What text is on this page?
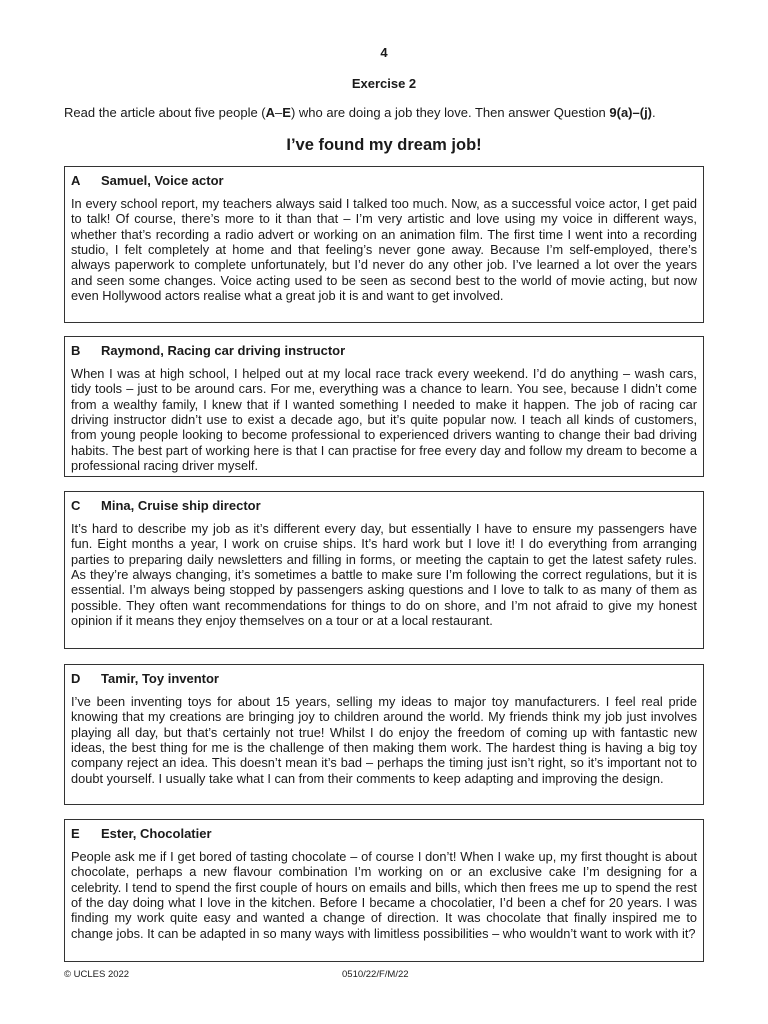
4
Exercise 2
Read the article about five people (A–E) who are doing a job they love. Then answer Question 9(a)–(j).
I’ve found my dream job!
A Samuel, Voice actor
In every school report, my teachers always said I talked too much. Now, as a successful voice actor, I get paid to talk! Of course, there’s more to it than that – I’m very artistic and love using my voice in different ways, whether that’s recording a radio advert or working on an animation film. The first time I went into a recording studio, I felt completely at home and that feeling’s never gone away. Because I’m self-employed, there’s always paperwork to complete unfortunately, but I’d never do any other job. I’ve learned a lot over the years and seen some changes. Voice acting used to be seen as second best to the world of movie acting, but now even Hollywood actors realise what a great job it is and want to get involved.
B Raymond, Racing car driving instructor
When I was at high school, I helped out at my local race track every weekend. I’d do anything – wash cars, tidy tools – just to be around cars. For me, everything was a chance to learn. You see, because I didn’t come from a wealthy family, I knew that if I wanted something I needed to make it happen. The job of racing car driving instructor didn’t use to exist a decade ago, but it’s quite popular now. I teach all kinds of customers, from young people looking to become professional to experienced drivers wanting to change their bad driving habits. The best part of working here is that I can practise for free every day and follow my dream to become a professional racing driver myself.
C Mina, Cruise ship director
It’s hard to describe my job as it’s different every day, but essentially I have to ensure my passengers have fun. Eight months a year, I work on cruise ships. It’s hard work but I love it! I do everything from arranging parties to preparing daily newsletters and filling in forms, or meeting the captain to get the latest safety rules. As they’re always changing, it’s sometimes a battle to make sure I’m following the correct regulations, but it is essential. I’m always being stopped by passengers asking questions and I love to talk to as many of them as possible. They often want recommendations for things to do on shore, and I’m not afraid to give my honest opinion if it means they enjoy themselves on a tour or at a local restaurant.
D Tamir, Toy inventor
I’ve been inventing toys for about 15 years, selling my ideas to major toy manufacturers. I feel real pride knowing that my creations are bringing joy to children around the world. My friends think my job just involves playing all day, but that’s certainly not true! Whilst I do enjoy the freedom of coming up with fantastic new ideas, the best thing for me is the challenge of then making them work. The hardest thing is having a big toy company reject an idea. This doesn’t mean it’s bad – perhaps the timing just isn’t right, so it’s important not to doubt yourself. I usually take what I can from their comments to keep adapting and improving the design.
E Ester, Chocolatier
People ask me if I get bored of tasting chocolate – of course I don’t! When I wake up, my first thought is about chocolate, perhaps a new flavour combination I’m working on or an exclusive cake I’m designing for a celebrity. I tend to spend the first couple of hours on emails and bills, which then frees me up to spend the rest of the day doing what I love in the kitchen. Before I became a chocolatier, I’d been a chef for 20 years. I was finding my work quite easy and wanted a change of direction. It was chocolate that finally inspired me to change jobs. It can be adapted in so many ways with limitless possibilities – who wouldn’t want to work with it?
© UCLES 2022	0510/22/F/M/22
